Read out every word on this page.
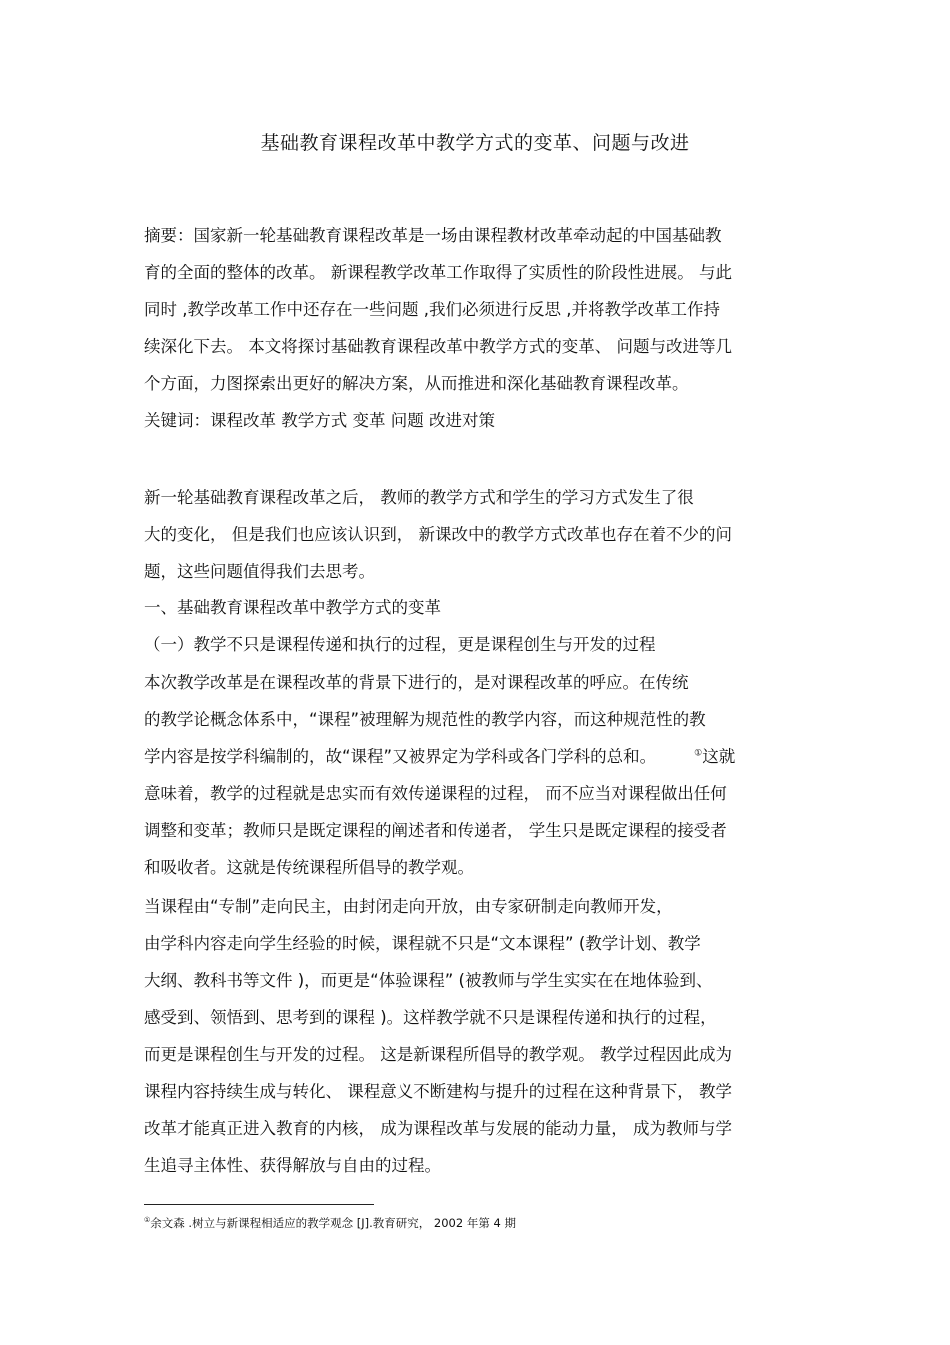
基础教育课程改革中教学方式的变革、问题与改进
摘要：国家新一轮基础教育课程改革是一场由课程教材改革牵动起的中国基础教
育的全面的整体的改革。 新课程教学改革工作取得了实质性的阶段性进展。 与此
同时 ,教学改革工作中还存在一些问题 ,我们必须进行反思 ,并将教学改革工作持
续深化下去。 本文将探讨基础教育课程改革中教学方式的变革、 问题与改进等几
个方面，力图探索出更好的解决方案，从而推进和深化基础教育课程改革。
关键词：课程改革 教学方式 变革 问题 改进对策
新一轮基础教育课程改革之后， 教师的教学方式和学生的学习方式发生了很
大的变化， 但是我们也应该认识到， 新课改中的教学方式改革也存在着不少的问
题，这些问题值得我们去思考。
一、基础教育课程改革中教学方式的变革
（一）教学不只是课程传递和执行的过程，更是课程创生与开发的过程
本次教学改革是在课程改革的背景下进行的，是对课程改革的呼应。在传统
的教学论概念体系中，“课程”被理解为规范性的教学内容，而这种规范性的教
学内容是按学科编制的，故“课程”又被界定为学科或各门学科的总和。	①这就
意味着，教学的过程就是忠实而有效传递课程的过程， 而不应当对课程做出任何
调整和变革；教师只是既定课程的阐述者和传递者， 学生只是既定课程的接受者
和吸收者。这就是传统课程所倡导的教学观。
当课程由“专制”走向民主，由封闭走向开放，由专家研制走向教师开发，
由学科内容走向学生经验的时候，课程就不只是“文本课程” (教学计划、教学
大纲、教科书等文件 )，而更是“体验课程” (被教师与学生实实在在地体验到、
感受到、领悟到、思考到的课程 )。这样教学就不只是课程传递和执行的过程，
而更是课程创生与开发的过程。 这是新课程所倡导的教学观。 教学过程因此成为
课程内容持续生成与转化、 课程意义不断建构与提升的过程在这种背景下， 教学
改革才能真正进入教育的内核， 成为课程改革与发展的能动力量， 成为教师与学
生追寻主体性、获得解放与自由的过程。
①余文森 .树立与新课程相适应的教学观念 [J].教育研究， 2002 年第 4 期
